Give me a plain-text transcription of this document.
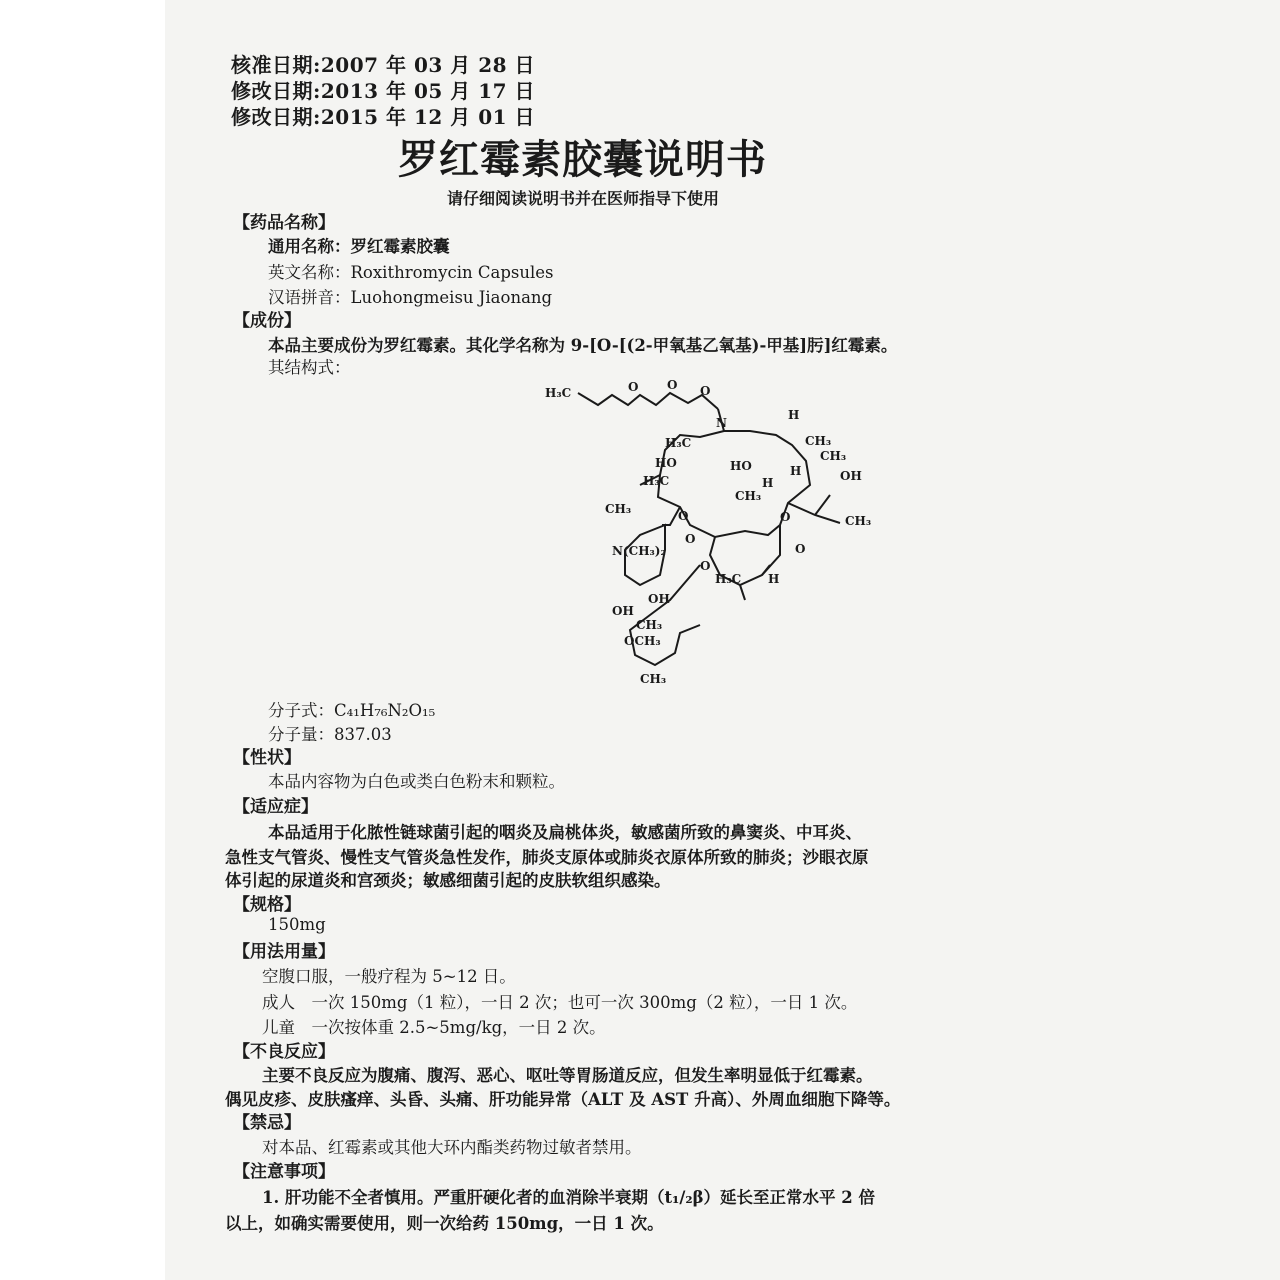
核准日期:2007 年 03 月 28 日
修改日期:2013 年 05 月 17 日
修改日期:2015 年 12 月 01 日
罗红霉素胶囊说明书
请仔细阅读说明书并在医师指导下使用
【药品名称】
通用名称：罗红霉素胶囊
英文名称：Roxithromycin Capsules
汉语拼音：Luohongmeisu Jiaonang
【成份】
本品主要成份为罗红霉素。其化学名称为 9-[O-[(2-甲氧基乙氧基)-甲基]肟]红霉素。
其结构式：
H₃C	O O O
N
H
H₃C	CH₃
HO	HO
CH₃
H₃C	OH
H
H
CH₃
CH₃
O	O
CH₃
N(CH₃)₂	O
O
O
H₃C H
OH
OH
CH₃
OCH₃
CH₃
分子式：C₄₁H₇₆N₂O₁₅
分子量：837.03
【性状】
本品内容物为白色或类白色粉末和颗粒。
【适应症】
本品适用于化脓性链球菌引起的咽炎及扁桃体炎，敏感菌所致的鼻窦炎、中耳炎、
急性支气管炎、慢性支气管炎急性发作，肺炎支原体或肺炎衣原体所致的肺炎；沙眼衣原
体引起的尿道炎和宫颈炎；敏感细菌引起的皮肤软组织感染。
【规格】
150mg
【用法用量】
空腹口服，一般疗程为 5~12 日。
成人　一次 150mg（1 粒），一日 2 次；也可一次 300mg（2 粒），一日 1 次。
儿童　一次按体重 2.5~5mg/kg，一日 2 次。
【不良反应】
主要不良反应为腹痛、腹泻、恶心、呕吐等胃肠道反应，但发生率明显低于红霉素。
偶见皮疹、皮肤瘙痒、头昏、头痛、肝功能异常（ALT 及 AST 升高）、外周血细胞下降等。
【禁忌】
对本品、红霉素或其他大环内酯类药物过敏者禁用。
【注意事项】
1. 肝功能不全者慎用。严重肝硬化者的血消除半衰期（t₁/₂β）延长至正常水平 2 倍
以上，如确实需要使用，则一次给药 150mg，一日 1 次。
